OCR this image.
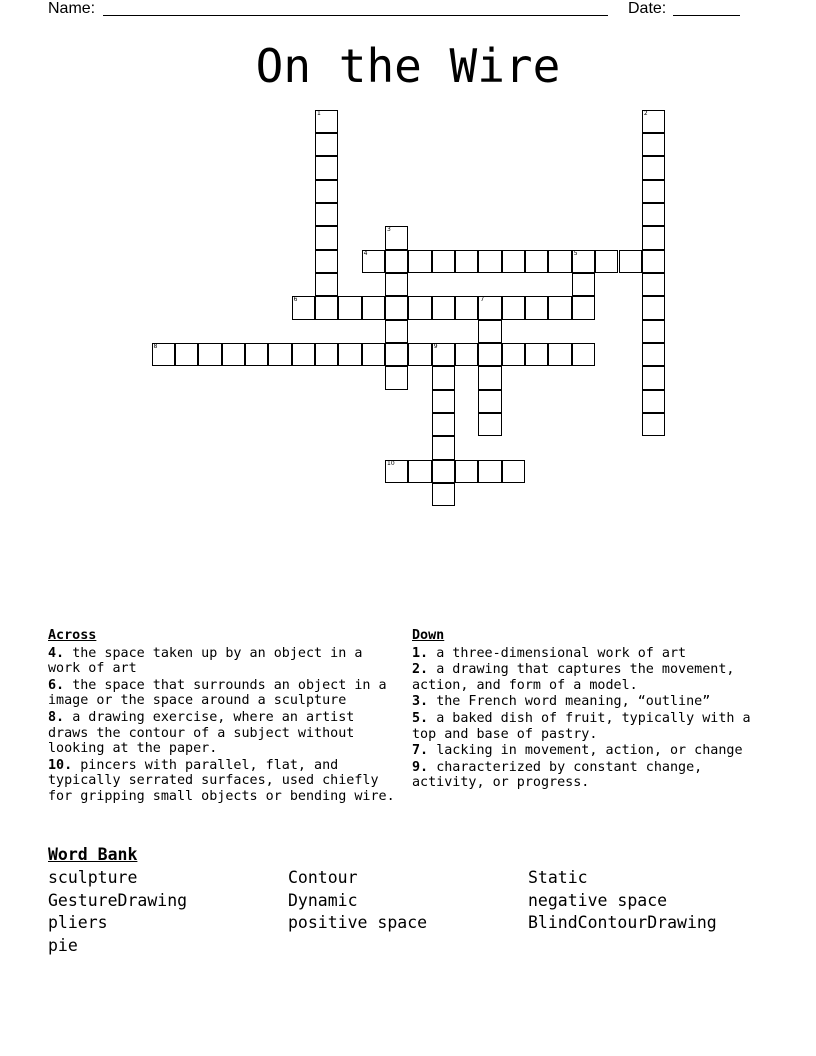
Name:	Date:
On the Wire
1	2
3
4	5
6	7
8	9
10
Across
4. the space taken up by an object in a work of art
6. the space that surrounds an object in a image or the space around a sculpture
8. a drawing exercise, where an artist draws the contour of a subject without looking at the paper.
10. pincers with parallel, flat, and typically serrated surfaces, used chiefly for gripping small objects or bending wire.
Down
1. a three-dimensional work of art
2. a drawing that captures the movement, action, and form of a model.
3. the French word meaning, “outline”
5. a baked dish of fruit, typically with a top and base of pastry.
7. lacking in movement, action, or change
9. characterized by constant change, activity, or progress.
Word Bank
sculpture	Contour	Static
GestureDrawing	Dynamic	negative space
pliers	positive space	BlindContourDrawing
pie
